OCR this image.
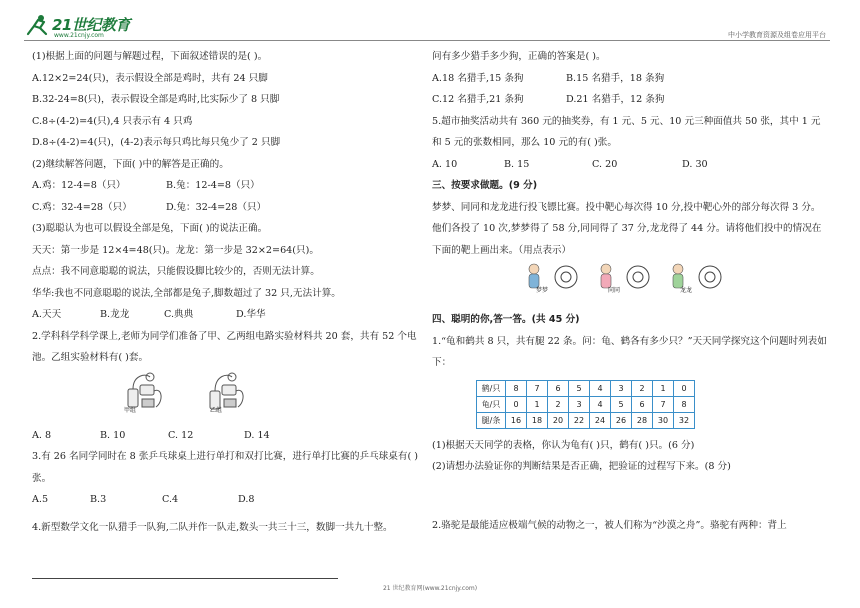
21世纪教育
www.21cnjy.com	中小学教育资源及组卷应用平台

(1)根据上面的问题与解题过程，下面叙述错误的是( )。

A.12×2=24(只)，表示假设全部是鸡时，共有 24 只脚

B.32-24=8(只)，表示假设全部是鸡时,比实际少了 8 只脚

C.8÷(4-2)=4(只),4 只表示有 4 只鸡

D.8÷(4-2)=4(只)，(4-2)表示每只鸡比每只兔少了 2 只脚

(2)继续解答问题，下面( )中的解答是正确的。

A.鸡：12-4=8（只）	B.兔：12-4=8（只）

C.鸡：32-4=28（只）	D.兔：32-4=28（只）

(3)聪聪认为也可以假设全部是兔，下面( )的说法正确。

天天：第一步是 12×4=48(只)。龙龙：第一步是 32×2=64(只)。

点点：我不同意聪聪的说法，只能假设脚比较少的，否则无法计算。

华华:我也不同意聪聪的说法,全部都是兔子,脚数超过了 32 只,无法计算。

A.天天	B.龙龙	C.典典	D.华华

2.学科科学科学课上,老师为同学们准备了甲、乙两组电路实验材料共 20 套，共有 52 个电池。乙组实验材料有( )套。

甲组	乙组

A. 8	B. 10	C. 12	D. 14

3.有 26 名同学同时在 8 张乒乓球桌上进行单打和双打比赛，进行单打比赛的乒乓球桌有( )张。

A.5	B.3	C.4	D.8

4.新型数学文化一队猎手一队狗,二队并作一队走,数头一共三十三，数脚一共九十整。

问有多少猎手多少狗，正确的答案是( )。

A.18 名猎手,15 条狗	B.15 名猎手，18 条狗

C.12 名猎手,21 条狗	D.21 名猎手，12 条狗

5.超市抽奖活动共有 360 元的抽奖券，有 1 元、5 元、10 元三种面值共 50 张，其中 1 元和 5 元的张数相同，那么 10 元的有( )张。

A. 10	B. 15	C. 20	D. 30

三、按要求做题。(9 分)

梦梦、同同和龙龙进行投飞镖比赛。投中靶心每次得 10 分,投中靶心外的部分每次得 3 分。他们各投了 10 次,梦梦得了 58 分,同同得了 37 分,龙龙得了 44 分。请将他们投中的情况在下面的靶上画出来。（用点表示）

梦梦	同同	龙龙

四、聪明的你,答一答。(共 45 分)

1.“龟和鹤共 8 只，共有腿 22 条。问：龟、鹤各有多少只？”天天同学探究这个问题时列表如下：

鹤/只	8	7	6	5	4	3	2	1	0
龟/只	0	1	2	3	4	5	6	7	8
腿/条	16	18	20	22	24	26	28	30	32

(1)根据天天同学的表格，你认为龟有( )只，鹤有( )只。(6 分)

(2)请想办法验证你的判断结果是否正确，把验证的过程写下来。(8 分)

2.骆驼是最能适应极端气候的动物之一，被人们称为“沙漠之舟”。骆驼有两种：背上

21 世纪教育网(www.21cnjy.com)
